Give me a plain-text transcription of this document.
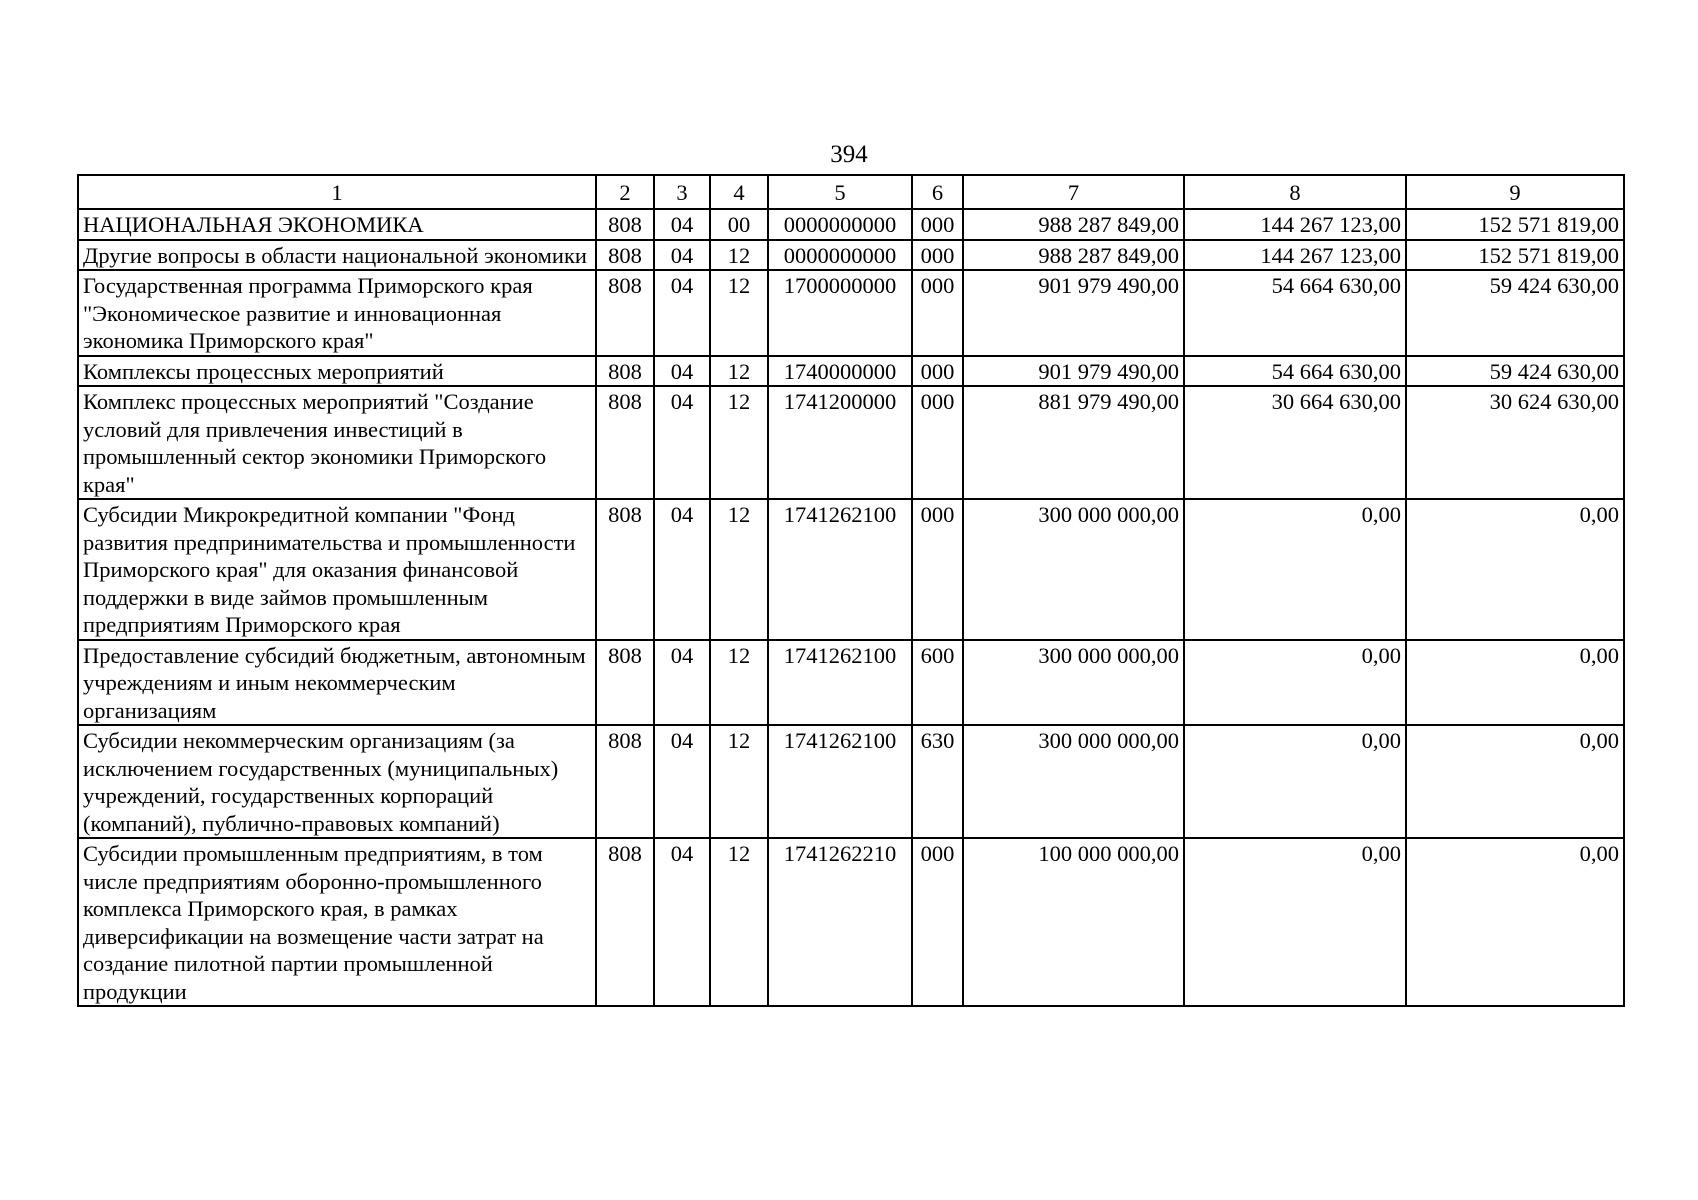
394
1	2	3	4	5	6	7	8	9
НАЦИОНАЛЬНАЯ ЭКОНОМИКА	808	04	00	0000000000	000	988 287 849,00	144 267 123,00	152 571 819,00
Другие вопросы в области национальной экономики	808	04	12	0000000000	000	988 287 849,00	144 267 123,00	152 571 819,00
Государственная программа Приморского края "Экономическое развитие и инновационная экономика Приморского края"	808	04	12	1700000000	000	901 979 490,00	54 664 630,00	59 424 630,00
Комплексы процессных мероприятий	808	04	12	1740000000	000	901 979 490,00	54 664 630,00	59 424 630,00
Комплекс процессных мероприятий "Создание условий для привлечения инвестиций в промышленный сектор экономики Приморского края"	808	04	12	1741200000	000	881 979 490,00	30 664 630,00	30 624 630,00
Субсидии Микрокредитной компании "Фонд развития предпринимательства и промышленности Приморского края" для оказания финансовой поддержки в виде займов промышленным предприятиям Приморского края	808	04	12	1741262100	000	300 000 000,00	0,00	0,00
Предоставление субсидий бюджетным, автономным учреждениям и иным некоммерческим организациям	808	04	12	1741262100	600	300 000 000,00	0,00	0,00
Субсидии некоммерческим организациям (за исключением государственных (муниципальных) учреждений, государственных корпораций (компаний), публично-правовых компаний)	808	04	12	1741262100	630	300 000 000,00	0,00	0,00
Субсидии промышленным предприятиям, в том числе предприятиям оборонно-промышленного комплекса Приморского края, в рамках диверсификации на возмещение части затрат на создание пилотной партии промышленной продукции	808	04	12	1741262210	000	100 000 000,00	0,00	0,00
